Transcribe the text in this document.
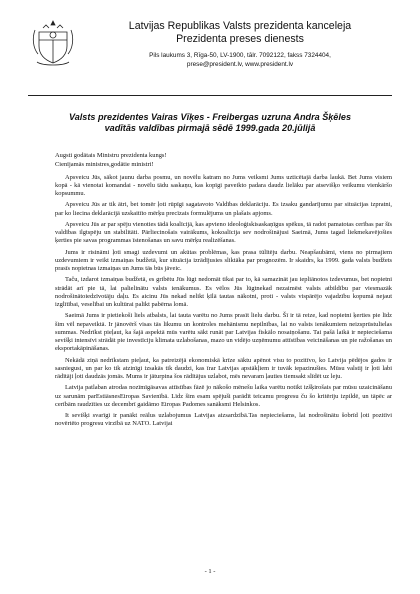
Latvijas Republikas Valsts prezidenta kanceleja
Prezidenta preses dienests
Pils laukums 3, Rīga-50, LV-1900, tālr. 7092122, fakss 7324404,
prese@president.lv, www.president.lv
Valsts prezidentes Vairas Vīķes - Freibergas uzruna Andra Šķēles
vadītās valdības pirmajā sēdē 1999.gada 20.jūlijā

Augsti godātais Ministru prezidenta kungs!

Cienījamās ministres,godātie ministri!

Apsveicu Jūs, sākot jaunu darba posmu, un novēlu katram no Jums veiksmi Jums uzticētajā darba laukā. Bet Jums visiem kopā - kā vienotai komandai - novēlu tādu saskaņu, kas kopīgi paveikto padara daudz lielāku par atsevišķo veikumu vienkāršo kopsummu.

Apsveicu Jūs ar tik ātri, bet tomēr ļoti rūpīgi sagatavoto Valdības deklarāciju. Es izsaku gandarījumu par situācijas izpratni, par ko liecina deklarācijā uzskaitīto mērķu precīzais formulējums un plašais apjoms.

Apsveicu Jūs ar par spēju vienoties tādā koalīcijā, kas apvieno ideoloģiskisaskaņīgus spēkus, tā radot pamatotas cerības par šīs valdības ilgtspēju un stabilitāti. Pārliecinošais vairākums, kokoalīcija sev nodrošinājusi Saeimā, Jums tagad liekmekavējošies ķerties pie savas programmas īstenošanas un savu mērķu realizēšanas.

Jums ir risināmi ļoti smagi uzdevumi un akūtas problēmas, kas prasa tūlītēju darbu. Neapšaubāmi, viens no pirmajiem uzdevumiem ir veikt izmaiņas budžetā, kur situācija izrādījusies sliktāka par prognozēm. Ir skaidrs, ka 1999. gada valsts budžets prasīs nopietnas izmaiņas un Jums tās būs jāveic.

Taču, izdarot izmaiņas budžetā, es gribētu Jūs lūgt nedomāt tikai par to, kā samazināt jau iepliānotos izdevumus, bet nopietni strādāt arī pie tā, lai palielinātu valsts ienākumus. Es vēlos Jūs lūgtnekad nezaimēst valsts atbildību par viesmazāk nodrošinātoiedzīvotāju daļu. Es aicinu Jūs nekad nelikt ķīlā tautas nākotni, proti - valsts vispārējo vajadzību kopumā nejaut izglītībai, veselībai un kultūrai palikt pabērna lomā.

Saeimā Jums ir pietiekoši liels atbalsts, lai tauta varētu no Jums prasīt lielu darbu. Šī ir tā reize, kad nopietni ķerties pie līdz šim vēl nepaveiktā. Ir jānovērš visas tās likumu un kontroles mehānismu nepilnības, lai no valsts ienākumiem neizsprūstulielas summas. Nedrīkst pieļaut, ka šajā aspektā mūs varētu sākt runāt par Latvijas fiskālo nosaiņošanu. Tai pašā laikā ir nepieciešama sevišķi intensīvi strādāt pie investīciju klimata uzlabošanas, mazo un vidējo uzņēmumu attīstības veicināšanas un pie ražošanas un eksportakāpināšanas.

Nekādā ziņā nedrīkstam pieļaut, ka patreizējā ekonomiskā krīze sāktu apēnot visu to pozitīvo, ko Latvija pēdējos gados ir sasniegusi, un par ko tik atzinīgi izsakās tik daudzi, kas īrar Latvijas apstākļiem ir tuvāk iepazinušies. Mūsu valstij ir ļoti labi rādītāji ļoti daudzās jomās. Mums ir jāturpina šos rādītājus uzlabot, mēs nevaram ļauties tiemsakt slīdēt uz leju.

Latvija patlaban atrodas nozīmīgāsavas attīstības fāzē jo nākošo mēnešu laika varētu notikt izšķirošais par mūsu uzaicināšanu uz sarunām parEstiāsnesEiropas Savienībā. Līdz šim esam spējuši parādīt teicamu progresu ču šo kritēriju izpildē, un tāpēc ar cerībām raudzīties uz decembrī gaidāmo Eiropas Padomes sanāksmi Helsinkos.

It sevišķi svarīgi ir panākt reālus uzlabojumus Latvijas aizsardzībā.Tas nepieciešams, lai nodrošinātu šobrīd ļoti pozitīvi novērtēto progresu virzībā uz NATO. Latvijai

- 1 -
